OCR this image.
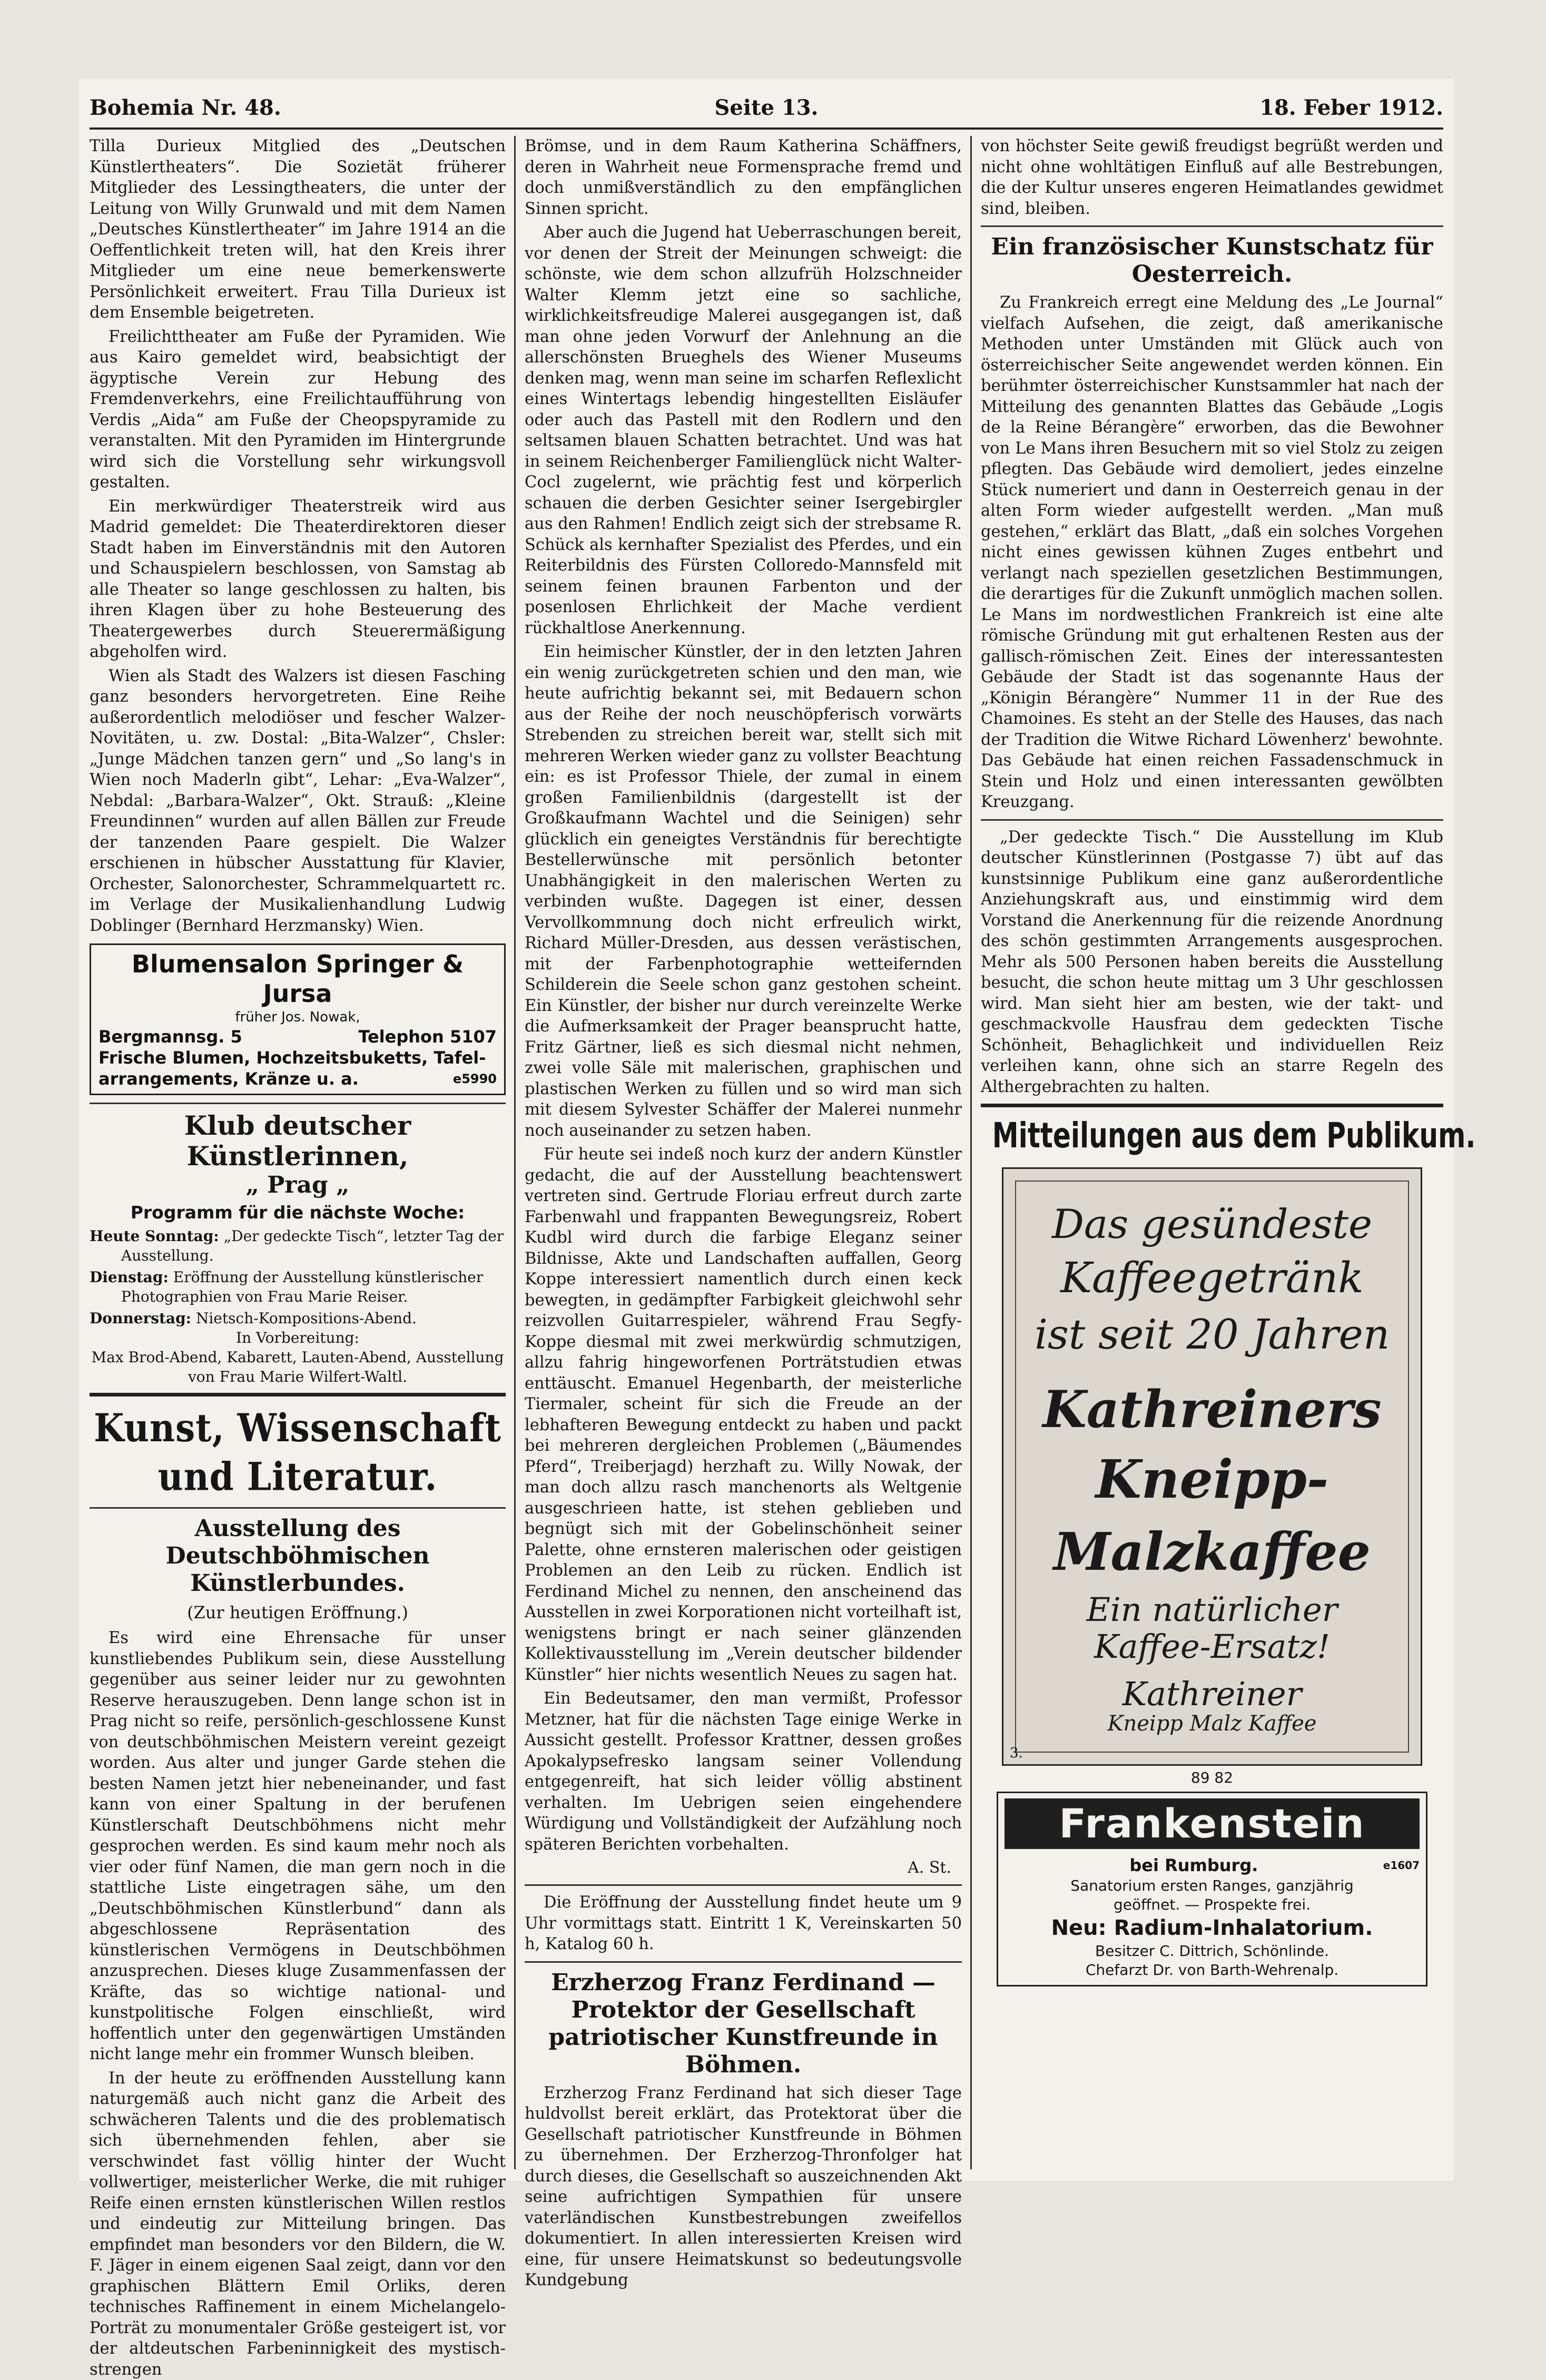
Bohemia Nr. 48.	Seite 13.	18. Feber 1912.

Tilla Durieux Mitglied des „Deutschen Künstlertheaters“. Die Sozietät früherer Mitglieder des Lessingtheaters, die unter der Leitung von Willy Grunwald und mit dem Namen „Deutsches Künstlertheater“ im Jahre 1914 an die Oeffentlichkeit treten will, hat den Kreis ihrer Mitglieder um eine neue bemerkenswerte Persönlichkeit erweitert. Frau Tilla Durieux ist dem Ensemble beigetreten.

Freilichttheater am Fuße der Pyramiden. Wie aus Kairo gemeldet wird, beabsichtigt der ägyptische Verein zur Hebung des Fremdenverkehrs, eine Freilichtaufführung von Verdis „Aida“ am Fuße der Cheopspyramide zu veranstalten. Mit den Pyramiden im Hintergrunde wird sich die Vorstellung sehr wirkungsvoll gestalten.

Ein merkwürdiger Theaterstreik wird aus Madrid gemeldet: Die Theaterdirektoren dieser Stadt haben im Einverständnis mit den Autoren und Schauspielern beschlossen, von Samstag ab alle Theater so lange geschlossen zu halten, bis ihren Klagen über zu hohe Besteuerung des Theatergewerbes durch Steuerermäßigung abgeholfen wird.

Wien als Stadt des Walzers ist diesen Fasching ganz besonders hervorgetreten. Eine Reihe außerordentlich melodiöser und fescher Walzer-Novitäten, u. zw. Dostal: „Bita-Walzer“, Chsler: „Junge Mädchen tanzen gern“ und „So lang's in Wien noch Maderln gibt“, Lehar: „Eva-Walzer“, Nebdal: „Barbara-Walzer“, Okt. Strauß: „Kleine Freundinnen“ wurden auf allen Bällen zur Freude der tanzenden Paare gespielt. Die Walzer erschienen in hübscher Ausstattung für Klavier, Orchester, Salonorchester, Schrammelquartett rc. im Verlage der Musikalienhandlung Ludwig Doblinger (Bernhard Herzmansky) Wien.

Blumensalon Springer & Jursa
früher Jos. Nowak,
Bergmannsg. 5	Telephon 5107
Frische Blumen, Hochzeitsbuketts, Tafel-
arrangements, Kränze u. a.	e5990
Klub deutscher Künstlerinnen,
„ Prag „
Programm für die nächste Woche:

Heute Sonntag: „Der gedeckte Tisch“, letzter Tag der Ausstellung.

Dienstag: Eröffnung der Ausstellung künstlerischer Photographien von Frau Marie Reiser.

Donnerstag: Nietsch-Kompositions-Abend.

In Vorbereitung:
Max Brod-Abend, Kabarett, Lauten-Abend, Ausstellung von Frau Marie Wilfert-Waltl.
Kunst, Wissenschaft und Literatur.
Ausstellung des Deutschböhmischen Künstlerbundes.
(Zur heutigen Eröffnung.)

Es wird eine Ehrensache für unser kunstliebendes Publikum sein, diese Ausstellung gegenüber aus seiner leider nur zu gewohnten Reserve herauszugeben. Denn lange schon ist in Prag nicht so reife, persönlich-geschlossene Kunst von deutschböhmischen Meistern vereint gezeigt worden. Aus alter und junger Garde stehen die besten Namen jetzt hier nebeneinander, und fast kann von einer Spaltung in der berufenen Künstlerschaft Deutschböhmens nicht mehr gesprochen werden. Es sind kaum mehr noch als vier oder fünf Namen, die man gern noch in die stattliche Liste eingetragen sähe, um den „Deutschböhmischen Künstlerbund“ dann als abgeschlossene Repräsentation des künstlerischen Vermögens in Deutschböhmen anzusprechen. Dieses kluge Zusammenfassen der Kräfte, das so wichtige national- und kunstpolitische Folgen einschließt, wird hoffentlich unter den gegenwärtigen Umständen nicht lange mehr ein frommer Wunsch bleiben.

In der heute zu eröffnenden Ausstellung kann naturgemäß auch nicht ganz die Arbeit des schwächeren Talents und die des problematisch sich übernehmenden fehlen, aber sie verschwindet fast völlig hinter der Wucht vollwertiger, meisterlicher Werke, die mit ruhiger Reife einen ernsten künstlerischen Willen restlos und eindeutig zur Mitteilung bringen. Das empfindet man besonders vor den Bildern, die W. F. Jäger in einem eigenen Saal zeigt, dann vor den graphischen Blättern Emil Orliks, deren technisches Raffinement in einem Michelangelo-Porträt zu monumentaler Größe gesteigert ist, vor der altdeutschen Farbeninnigkeit des mystisch-strengen

Brömse, und in dem Raum Katherina Schäffners, deren in Wahrheit neue Formensprache fremd und doch unmißverständlich zu den empfänglichen Sinnen spricht.

Aber auch die Jugend hat Ueberraschungen bereit, vor denen der Streit der Meinungen schweigt: die schönste, wie dem schon allzufrüh Holzschneider Walter Klemm jetzt eine so sachliche, wirklichkeitsfreudige Malerei ausgegangen ist, daß man ohne jeden Vorwurf der Anlehnung an die allerschönsten Brueghels des Wiener Museums denken mag, wenn man seine im scharfen Reflexlicht eines Wintertags lebendig hingestellten Eisläufer oder auch das Pastell mit den Rodlern und den seltsamen blauen Schatten betrachtet. Und was hat in seinem Reichenberger Familienglück nicht Walter-Cocl zugelernt, wie prächtig fest und körperlich schauen die derben Gesichter seiner Isergebirgler aus den Rahmen! Endlich zeigt sich der strebsame R. Schück als kernhafter Spezialist des Pferdes, und ein Reiterbildnis des Fürsten Colloredo-Mannsfeld mit seinem feinen braunen Farbenton und der posenlosen Ehrlichkeit der Mache verdient rückhaltlose Anerkennung.

Ein heimischer Künstler, der in den letzten Jahren ein wenig zurückgetreten schien und den man, wie heute aufrichtig bekannt sei, mit Bedauern schon aus der Reihe der noch neuschöpferisch vorwärts Strebenden zu streichen bereit war, stellt sich mit mehreren Werken wieder ganz zu vollster Beachtung ein: es ist Professor Thiele, der zumal in einem großen Familienbildnis (dargestellt ist der Großkaufmann Wachtel und die Seinigen) sehr glücklich ein geneigtes Verständnis für berechtigte Bestellerwünsche mit persönlich betonter Unabhängigkeit in den malerischen Werten zu verbinden wußte. Dagegen ist einer, dessen Vervollkommnung doch nicht erfreulich wirkt, Richard Müller-Dresden, aus dessen verästischen, mit der Farbenphotographie wetteifernden Schilderein die Seele schon ganz gestohen scheint. Ein Künstler, der bisher nur durch vereinzelte Werke die Aufmerksamkeit der Prager beansprucht hatte, Fritz Gärtner, ließ es sich diesmal nicht nehmen, zwei volle Säle mit malerischen, graphischen und plastischen Werken zu füllen und so wird man sich mit diesem Sylvester Schäffer der Malerei nunmehr noch auseinander zu setzen haben.

Für heute sei indeß noch kurz der andern Künstler gedacht, die auf der Ausstellung beachtenswert vertreten sind. Gertrude Floriau erfreut durch zarte Farbenwahl und frappanten Bewegungsreiz, Robert Kudbl wird durch die farbige Eleganz seiner Bildnisse, Akte und Landschaften auffallen, Georg Koppe interessiert namentlich durch einen keck bewegten, in gedämpfter Farbigkeit gleichwohl sehr reizvollen Guitarrespieler, während Frau Segfy-Koppe diesmal mit zwei merkwürdig schmutzigen, allzu fahrig hingeworfenen Porträtstudien etwas enttäuscht. Emanuel Hegenbarth, der meisterliche Tiermaler, scheint für sich die Freude an der lebhafteren Bewegung entdeckt zu haben und packt bei mehreren dergleichen Problemen („Bäumendes Pferd“, Treiberjagd) herzhaft zu. Willy Nowak, der man doch allzu rasch manchenorts als Weltgenie ausgeschrieen hatte, ist stehen geblieben und begnügt sich mit der Gobelinschönheit seiner Palette, ohne ernsteren malerischen oder geistigen Problemen an den Leib zu rücken. Endlich ist Ferdinand Michel zu nennen, den anscheinend das Ausstellen in zwei Korporationen nicht vorteilhaft ist, wenigstens bringt er nach seiner glänzenden Kollektivausstellung im „Verein deutscher bildender Künstler“ hier nichts wesentlich Neues zu sagen hat.

Ein Bedeutsamer, den man vermißt, Professor Metzner, hat für die nächsten Tage einige Werke in Aussicht gestellt. Professor Krattner, dessen großes Apokalypsefresko langsam seiner Vollendung entgegenreift, hat sich leider völlig abstinent verhalten. Im Uebrigen seien eingehendere Würdigung und Vollständigkeit der Aufzählung noch späteren Berichten vorbehalten.

A. St.

Die Eröffnung der Ausstellung findet heute um 9 Uhr vormittags statt. Eintritt 1 K, Vereinskarten 50 h, Katalog 60 h.

Erzherzog Franz Ferdinand — Protektor der Gesellschaft patriotischer Kunstfreunde in Böhmen.

Erzherzog Franz Ferdinand hat sich dieser Tage huldvollst bereit erklärt, das Protektorat über die Gesellschaft patriotischer Kunstfreunde in Böhmen zu übernehmen. Der Erzherzog-Thronfolger hat durch dieses, die Gesellschaft so auszeichnenden Akt seine aufrichtigen Sympathien für unsere vaterländischen Kunstbestrebungen zweifellos dokumentiert. In allen interessierten Kreisen wird eine, für unsere Heimatskunst so bedeutungsvolle Kundgebung

von höchster Seite gewiß freudigst begrüßt werden und nicht ohne wohltätigen Einfluß auf alle Bestrebungen, die der Kultur unseres engeren Heimatlandes gewidmet sind, bleiben.

Ein französischer Kunstschatz für Oesterreich.

Zu Frankreich erregt eine Meldung des „Le Journal“ vielfach Aufsehen, die zeigt, daß amerikanische Methoden unter Umständen mit Glück auch von österreichischer Seite angewendet werden können. Ein berühmter österreichischer Kunstsammler hat nach der Mitteilung des genannten Blattes das Gebäude „Logis de la Reine Bérangère“ erworben, das die Bewohner von Le Mans ihren Besuchern mit so viel Stolz zu zeigen pflegten. Das Gebäude wird demoliert, jedes einzelne Stück numeriert und dann in Oesterreich genau in der alten Form wieder aufgestellt werden. „Man muß gestehen,“ erklärt das Blatt, „daß ein solches Vorgehen nicht eines gewissen kühnen Zuges entbehrt und verlangt nach speziellen gesetzlichen Bestimmungen, die derartiges für die Zukunft unmöglich machen sollen. Le Mans im nordwestlichen Frankreich ist eine alte römische Gründung mit gut erhaltenen Resten aus der gallisch-römischen Zeit. Eines der interessantesten Gebäude der Stadt ist das sogenannte Haus der „Königin Bérangère“ Nummer 11 in der Rue des Chamoines. Es steht an der Stelle des Hauses, das nach der Tradition die Witwe Richard Löwenherz' bewohnte. Das Gebäude hat einen reichen Fassadenschmuck in Stein und Holz und einen interessanten gewölbten Kreuzgang.

„Der gedeckte Tisch.“ Die Ausstellung im Klub deutscher Künstlerinnen (Postgasse 7) übt auf das kunstsinnige Publikum eine ganz außerordentliche Anziehungskraft aus, und einstimmig wird dem Vorstand die Anerkennung für die reizende Anordnung des schön gestimmten Arrangements ausgesprochen. Mehr als 500 Personen haben bereits die Ausstellung besucht, die schon heute mittag um 3 Uhr geschlossen wird. Man sieht hier am besten, wie der takt- und geschmackvolle Hausfrau dem gedeckten Tische Schönheit, Behaglichkeit und individuellen Reiz verleihen kann, ohne sich an starre Regeln des Althergebrachten zu halten.

Mitteilungen aus dem Publikum.
Das gesündeste
Kaffeegetränk
ist seit 20 Jahren
Kathreiners
Kneipp-
Malzkaffee
Ein natürlicher
Kaffee-Ersatz!
Kathreiner
Kneipp Malz Kaffee
3.
89 82
Frankenstein
bei Rumburg.	e1607
Sanatorium ersten Ranges, ganzjährig
geöffnet. — Prospekte frei.
Neu: Radium-Inhalatorium.
Besitzer C. Dittrich, Schönlinde.
Chefarzt Dr. von Barth-Wehrenalp.
